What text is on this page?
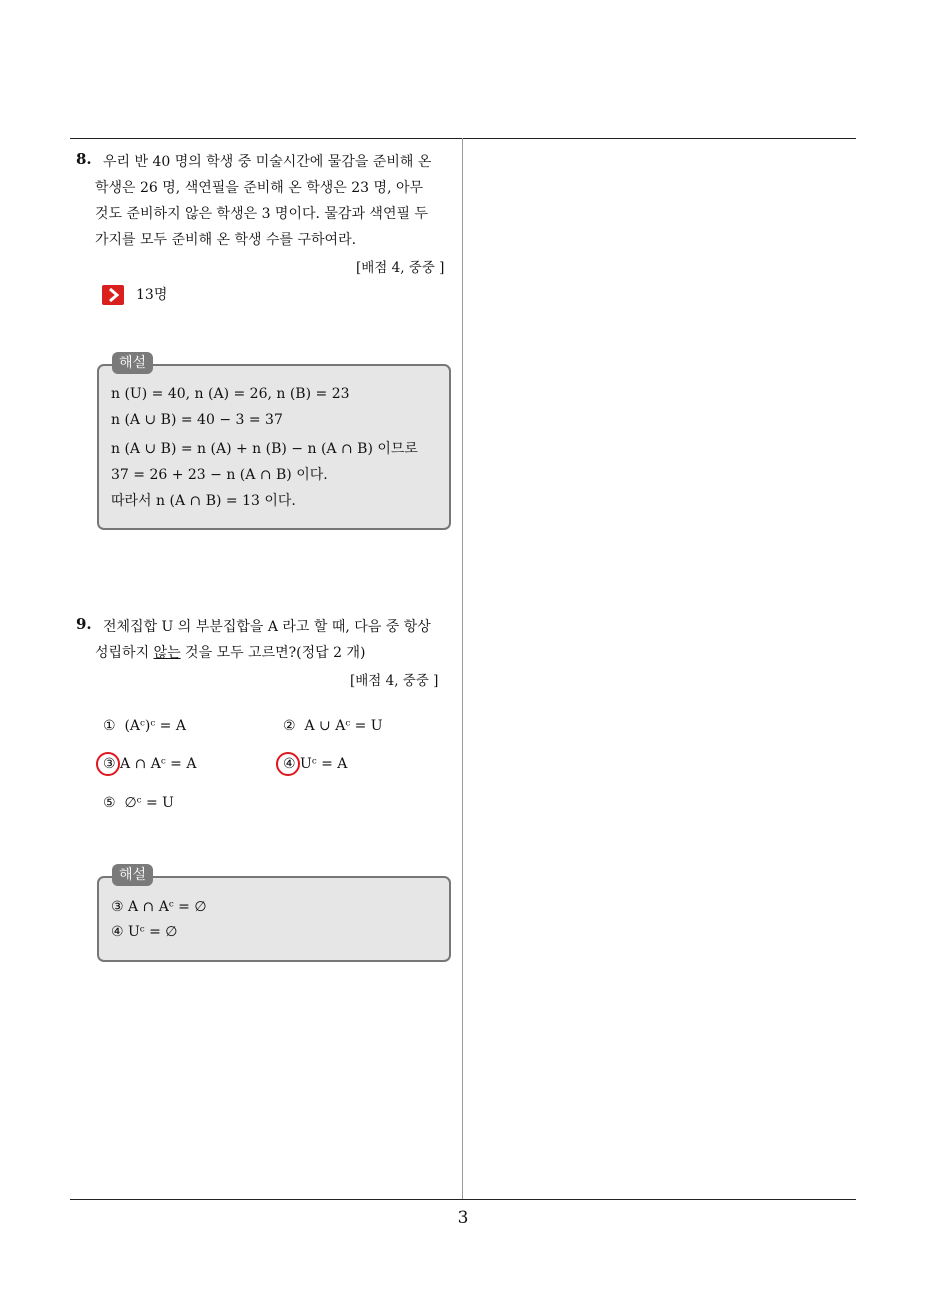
8. 우리 반 40 명의 학생 중 미술시간에 물감을 준비해 온
학생은 26 명, 색연필을 준비해 온 학생은 23 명, 아무
것도 준비하지 않은 학생은 3 명이다. 물감과 색연필 두
가지를 모두 준비해 온 학생 수를 구하여라.
[배점 4, 중중 ]
13명
n (U) = 40, n (A) = 26, n (B) = 23
n (A ∪ B) = 40 − 3 = 37
n (A ∪ B) = n (A) + n (B) − n (A ∩ B) 이므로
37 = 26 + 23 − n (A ∩ B) 이다.
따라서 n (A ∩ B) = 13 이다.
해설
9. 전체집합 U 의 부분집합을 A 라고 할 때, 다음 중 항상
성립하지 않는 것을 모두 고르면?(정답 2 개)
[배점 4, 중중 ]
① (Aᶜ)ᶜ = A	② A ∪ Aᶜ = U
③ A ∩ Aᶜ = A	④ Uᶜ = A
⑤ ∅ᶜ = U
③ A ∩ Aᶜ = ∅
④ Uᶜ = ∅
해설
3
